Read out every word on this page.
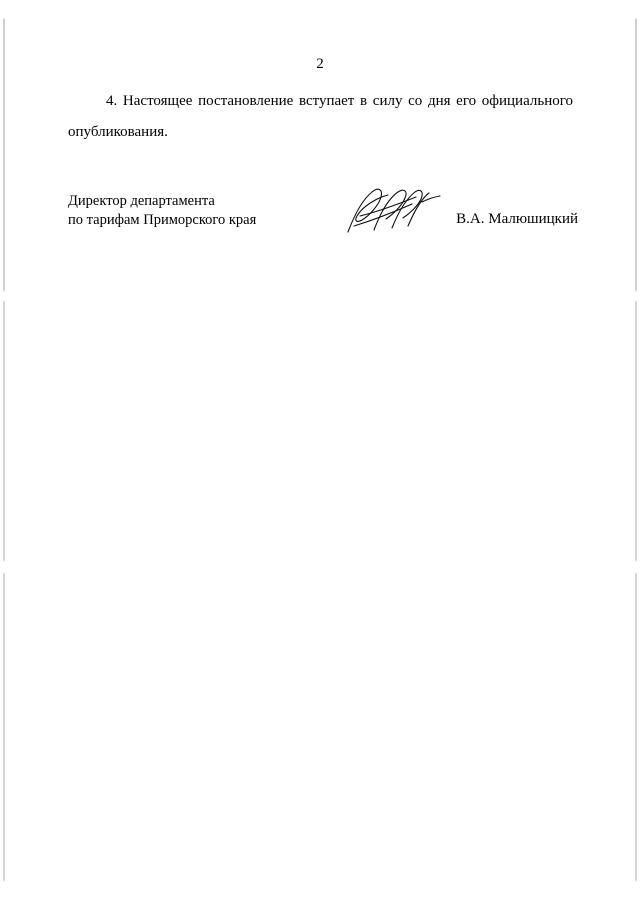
2
4. Настоящее постановление вступает в силу со дня его официального опубликования.
Директор департамента
по тарифам Приморского края	В.А. Малюшицкий
